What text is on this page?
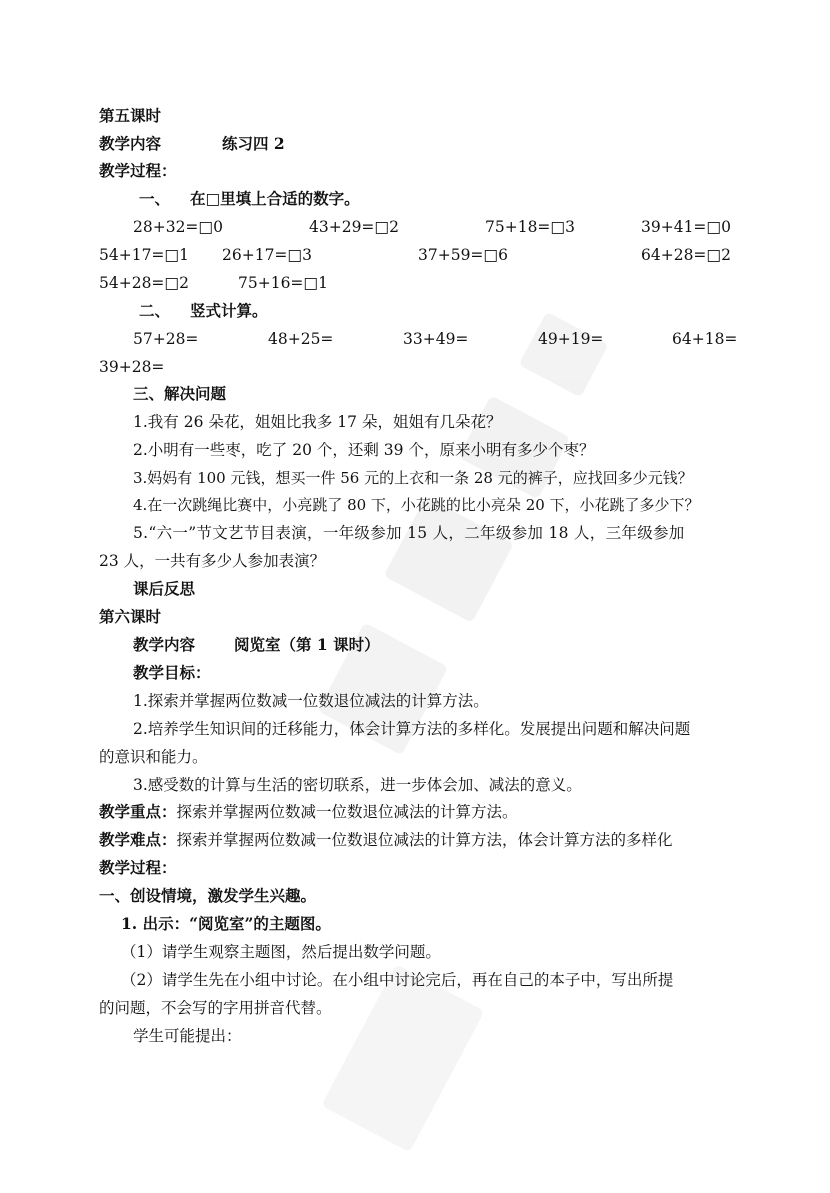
第五课时
教学内容	练习四 2
教学过程：
一、 在□里填上合适的数字。
28+32=□0	43+29=□2	75+18=□3	39+41=□0
54+17=□1 26+17=□3	37+59=□6	64+28=□2
54+28=□2	75+16=□1
二、 竖式计算。
57+28=	48+25=	33+49=	49+19=	64+18=
39+28=
三、解决问题
1.我有 26 朵花，姐姐比我多 17 朵，姐姐有几朵花？
2.小明有一些枣，吃了 20 个，还剩 39 个，原来小明有多少个枣？
3.妈妈有 100 元钱，想买一件 56 元的上衣和一条 28 元的裤子，应找回多少元钱？
4.在一次跳绳比赛中，小亮跳了 80 下，小花跳的比小亮朵 20 下，小花跳了多少下？
5.“六一”节文艺节目表演，一年级参加 15 人，二年级参加 18 人，三年级参加
23 人，一共有多少人参加表演？
课后反思
第六课时
教学内容	阅览室（第 1 课时）
教学目标：
1.探索并掌握两位数减一位数退位减法的计算方法。
2.培养学生知识间的迁移能力，体会计算方法的多样化。发展提出问题和解决问题
的意识和能力。
3.感受数的计算与生活的密切联系，进一步体会加、减法的意义。
教学重点：探索并掌握两位数减一位数退位减法的计算方法。
教学难点：探索并掌握两位数减一位数退位减法的计算方法，体会计算方法的多样化
教学过程：
一、创设情境，激发学生兴趣。
1. 出示：“阅览室”的主题图。
（1）请学生观察主题图，然后提出数学问题。
（2）请学生先在小组中讨论。在小组中讨论完后，再在自己的本子中，写出所提
的问题，不会写的字用拼音代替。
学生可能提出：
